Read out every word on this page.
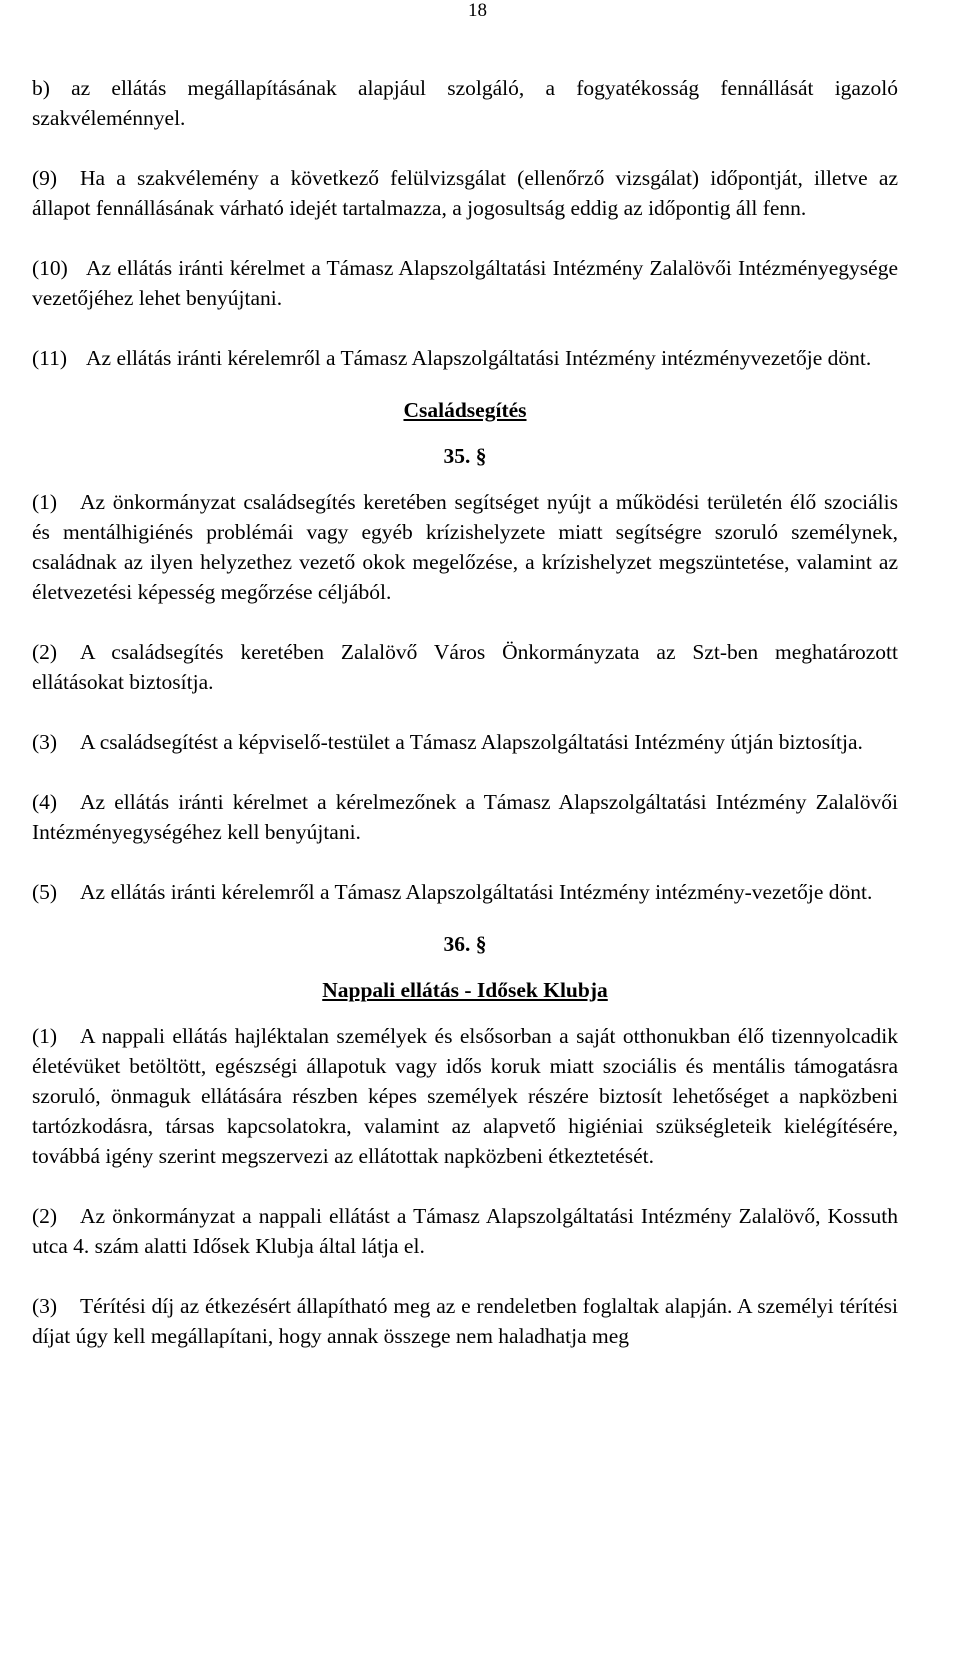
18

b) az ellátás megállapításának alapjául szolgáló, a fogyatékosság fennállását igazoló szakvéleménnyel.

(9) Ha a szakvélemény a következő felülvizsgálat (ellenőrző vizsgálat) időpontját, illetve az állapot fennállásának várható idejét tartalmazza, a jogosultság eddig az időpontig áll fenn.

(10) Az ellátás iránti kérelmet a Támasz Alapszolgáltatási Intézmény Zalalövői Intézményegysége vezetőjéhez lehet benyújtani.

(11) Az ellátás iránti kérelemről a Támasz Alapszolgáltatási Intézmény intézményvezetője dönt.

Családsegítés
35. §

(1) Az önkormányzat családsegítés keretében segítséget nyújt a működési területén élő szociális és mentálhigiénés problémái vagy egyéb krízishelyzete miatt segítségre szoruló személynek, családnak az ilyen helyzethez vezető okok megelőzése, a krízishelyzet megszüntetése, valamint az életvezetési képesség megőrzése céljából.

(2) A családsegítés keretében Zalalövő Város Önkormányzata az Szt-ben meghatározott ellátásokat biztosítja.

(3) A családsegítést a képviselő-testület a Támasz Alapszolgáltatási Intézmény útján biztosítja.

(4) Az ellátás iránti kérelmet a kérelmezőnek a Támasz Alapszolgáltatási Intézmény Zalalövői Intézményegységéhez kell benyújtani.

(5) Az ellátás iránti kérelemről a Támasz Alapszolgáltatási Intézmény intézmény-vezetője dönt.

36. §
Nappali ellátás - Idősek Klubja

(1) A nappali ellátás hajléktalan személyek és elsősorban a saját otthonukban élő tizennyolcadik életévüket betöltött, egészségi állapotuk vagy idős koruk miatt szociális és mentális támogatásra szoruló, önmaguk ellátására részben képes személyek részére biztosít lehetőséget a napközbeni tartózkodásra, társas kapcsolatokra, valamint az alapvető higiéniai szükségleteik kielégítésére, továbbá igény szerint megszervezi az ellátottak napközbeni étkeztetését.

(2) Az önkormányzat a nappali ellátást a Támasz Alapszolgáltatási Intézmény Zalalövő, Kossuth utca 4. szám alatti Idősek Klubja által látja el.

(3) Térítési díj az étkezésért állapítható meg az e rendeletben foglaltak alapján. A személyi térítési díjat úgy kell megállapítani, hogy annak összege nem haladhatja meg
